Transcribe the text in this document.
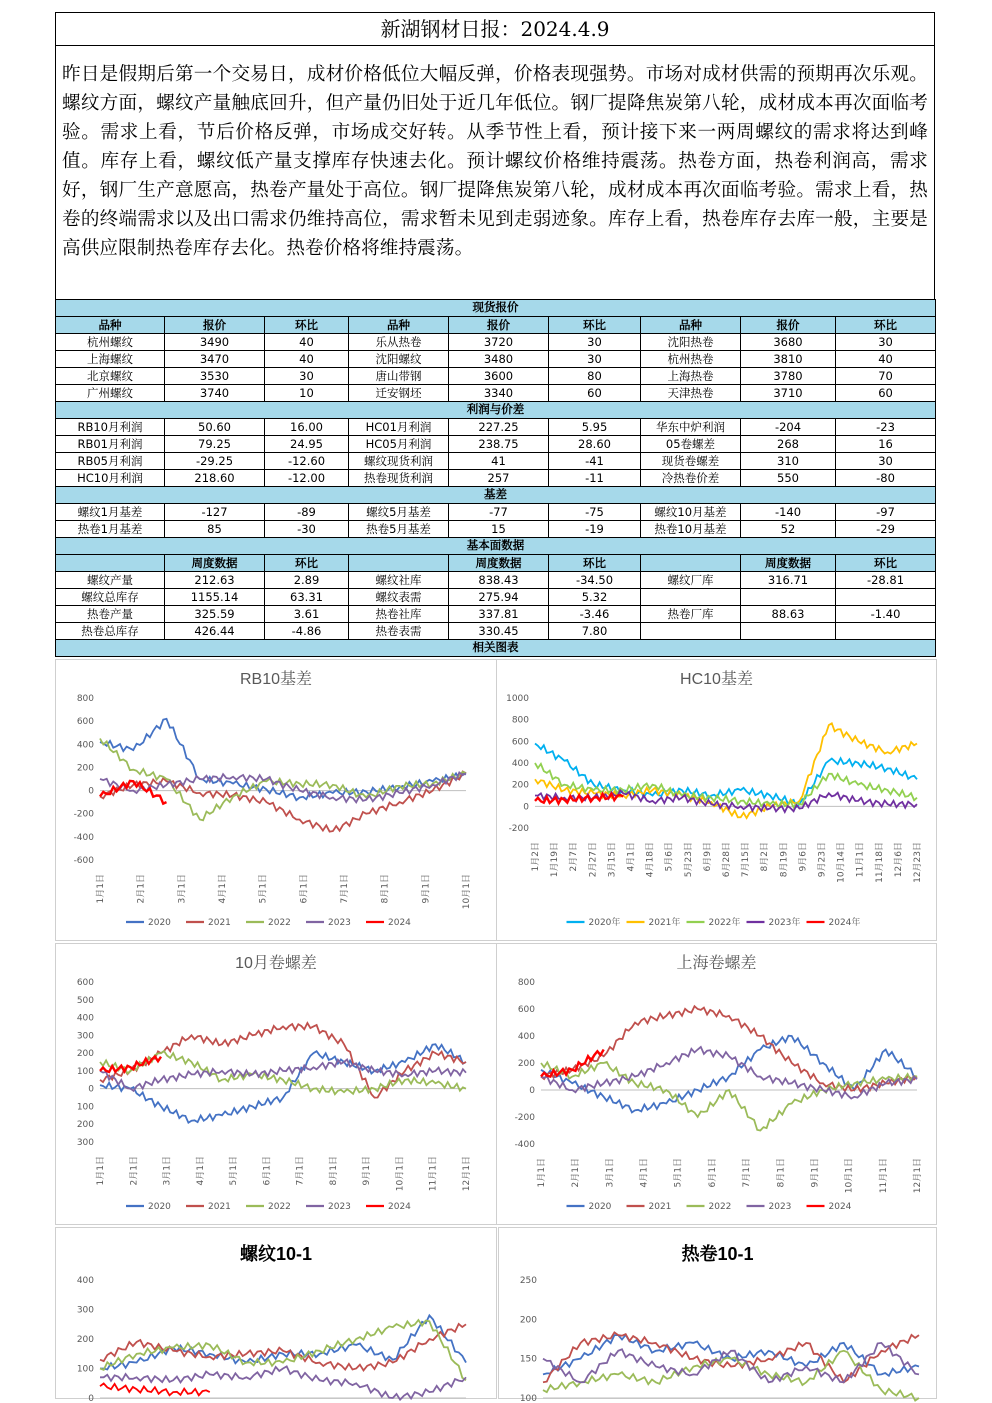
新湖钢材日报：2024.4.9
昨日是假期后第一个交易日，成材价格低位大幅反弹，价格表现强势。市场对成材供需的预期再次乐观。螺纹方面，螺纹产量触底回升，但产量仍旧处于近几年低位。钢厂提降焦炭第八轮，成材成本再次面临考验。需求上看，节后价格反弹，市场成交好转。从季节性上看，预计接下来一两周螺纹的需求将达到峰值。库存上看，螺纹低产量支撑库存快速去化。预计螺纹价格维持震荡。热卷方面，热卷利润高，需求好，钢厂生产意愿高，热卷产量处于高位。钢厂提降焦炭第八轮，成材成本再次面临考验。需求上看，热卷的终端需求以及出口需求仍维持高位，需求暂未见到走弱迹象。库存上看，热卷库存去库一般，主要是高供应限制热卷库存去化。热卷价格将维持震荡。
现货报价								
品种	报价	环比	品种	报价	环比	品种	报价	环比
杭州螺纹	3490	40	乐从热卷	3720	30	沈阳热卷	3680	30
上海螺纹	3470	40	沈阳螺纹	3480	30	杭州热卷	3810	40
北京螺纹	3530	30	唐山带钢	3600	80	上海热卷	3780	70
广州螺纹	3740	10	迁安钢坯	3340	60	天津热卷	3710	60
利润与价差								
RB10月利润	50.60	16.00	HC01月利润	227.25	5.95	华东中炉利润	-204	-23
RB01月利润	79.25	24.95	HC05月利润	238.75	28.60	05卷螺差	268	16
RB05月利润	-29.25	-12.60	螺纹现货利润	41	-41	现货卷螺差	310	30
HC10月利润	218.60	-12.00	热卷现货利润	257	-11	冷热卷价差	550	-80
基差								
螺纹1月基差	-127	-89	螺纹5月基差	-77	-75	螺纹10月基差	-140	-97
热卷1月基差	85	-30	热卷5月基差	15	-19	热卷10月基差	52	-29
基本面数据								
	周度数据	环比		周度数据	环比		周度数据	环比
螺纹产量	212.63	2.89	螺纹社库	838.43	-34.50	螺纹厂库	316.71	-28.81
螺纹总库存	1155.14	63.31	螺纹表需	275.94	5.32			
热卷产量	325.59	3.61	热卷社库	337.81	-3.46	热卷厂库	88.63	-1.40
热卷总库存	426.44	-4.86	热卷表需	330.45	7.80			
相关图表								
RB10基差
800
600
400
200
0
-200
-400
-600
1月1日	2月1日	3月1日	4月1日	5月1日	6月1日	7月1日	8月1日	9月1日	10月1日
2020	2021	2022	2023	2024
HC10基差
1000
800
600
400
200
0
-200
1月2日 1月19日 2月7日 2月27日 3月15日 4月1日 4月18日 5月6日 5月23日 6月9日 6月28日 7月15日 8月2日 8月19日 9月6日 9月23日 10月14日 11月1日 11月18日 12月6日 12月23日
2020年	2021年	2022年	2023年	2024年
10月卷螺差
600
500
400
300
200
100
0
100
200
300
1月1日	2月1日	3月1日	4月1日	5月1日	6月1日	7月1日	8月1日	9月1日	10月1日	11月1日	12月1日
2020	2021	2022	2023	2024
上海卷螺差
800
600
400
200
0
-200
-400
1月1日	2月1日	3月1日	4月1日	5月1日	6月1日	7月1日	8月1日	9月1日	10月1日	11月1日	12月1日
2020	2021	2022	2023	2024
螺纹10-1
400
300
200
100
0
热卷10-1
250
200
150
100
